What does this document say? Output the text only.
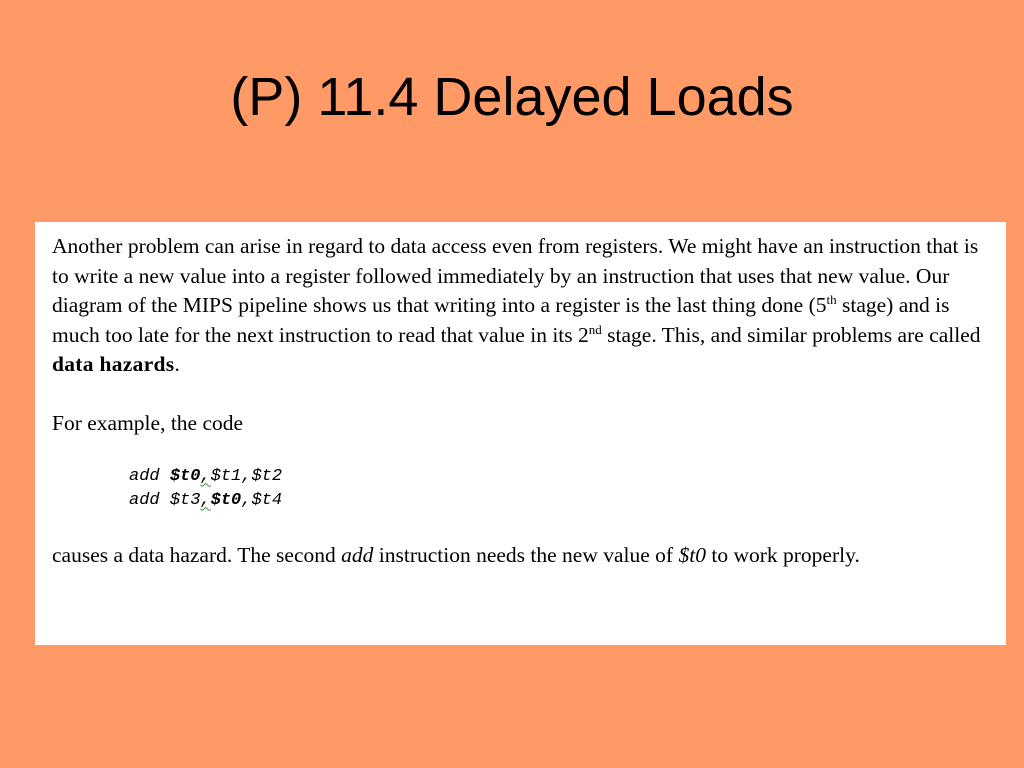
(P) 11.4 Delayed Loads

Another problem can arise in regard to data access even from registers. We might have an instruction that is to write a new value into a register followed immediately by an instruction that uses that new value. Our diagram of the MIPS pipeline shows us that writing into a register is the last thing done (5th stage) and is much too late for the next instruction to read that value in its 2nd stage. This, and similar problems are called data hazards.

For example, the code

add $t0,$t1,$t2
add $t3,$t0,$t4

causes a data hazard. The second add instruction needs the new value of $t0 to work properly.
